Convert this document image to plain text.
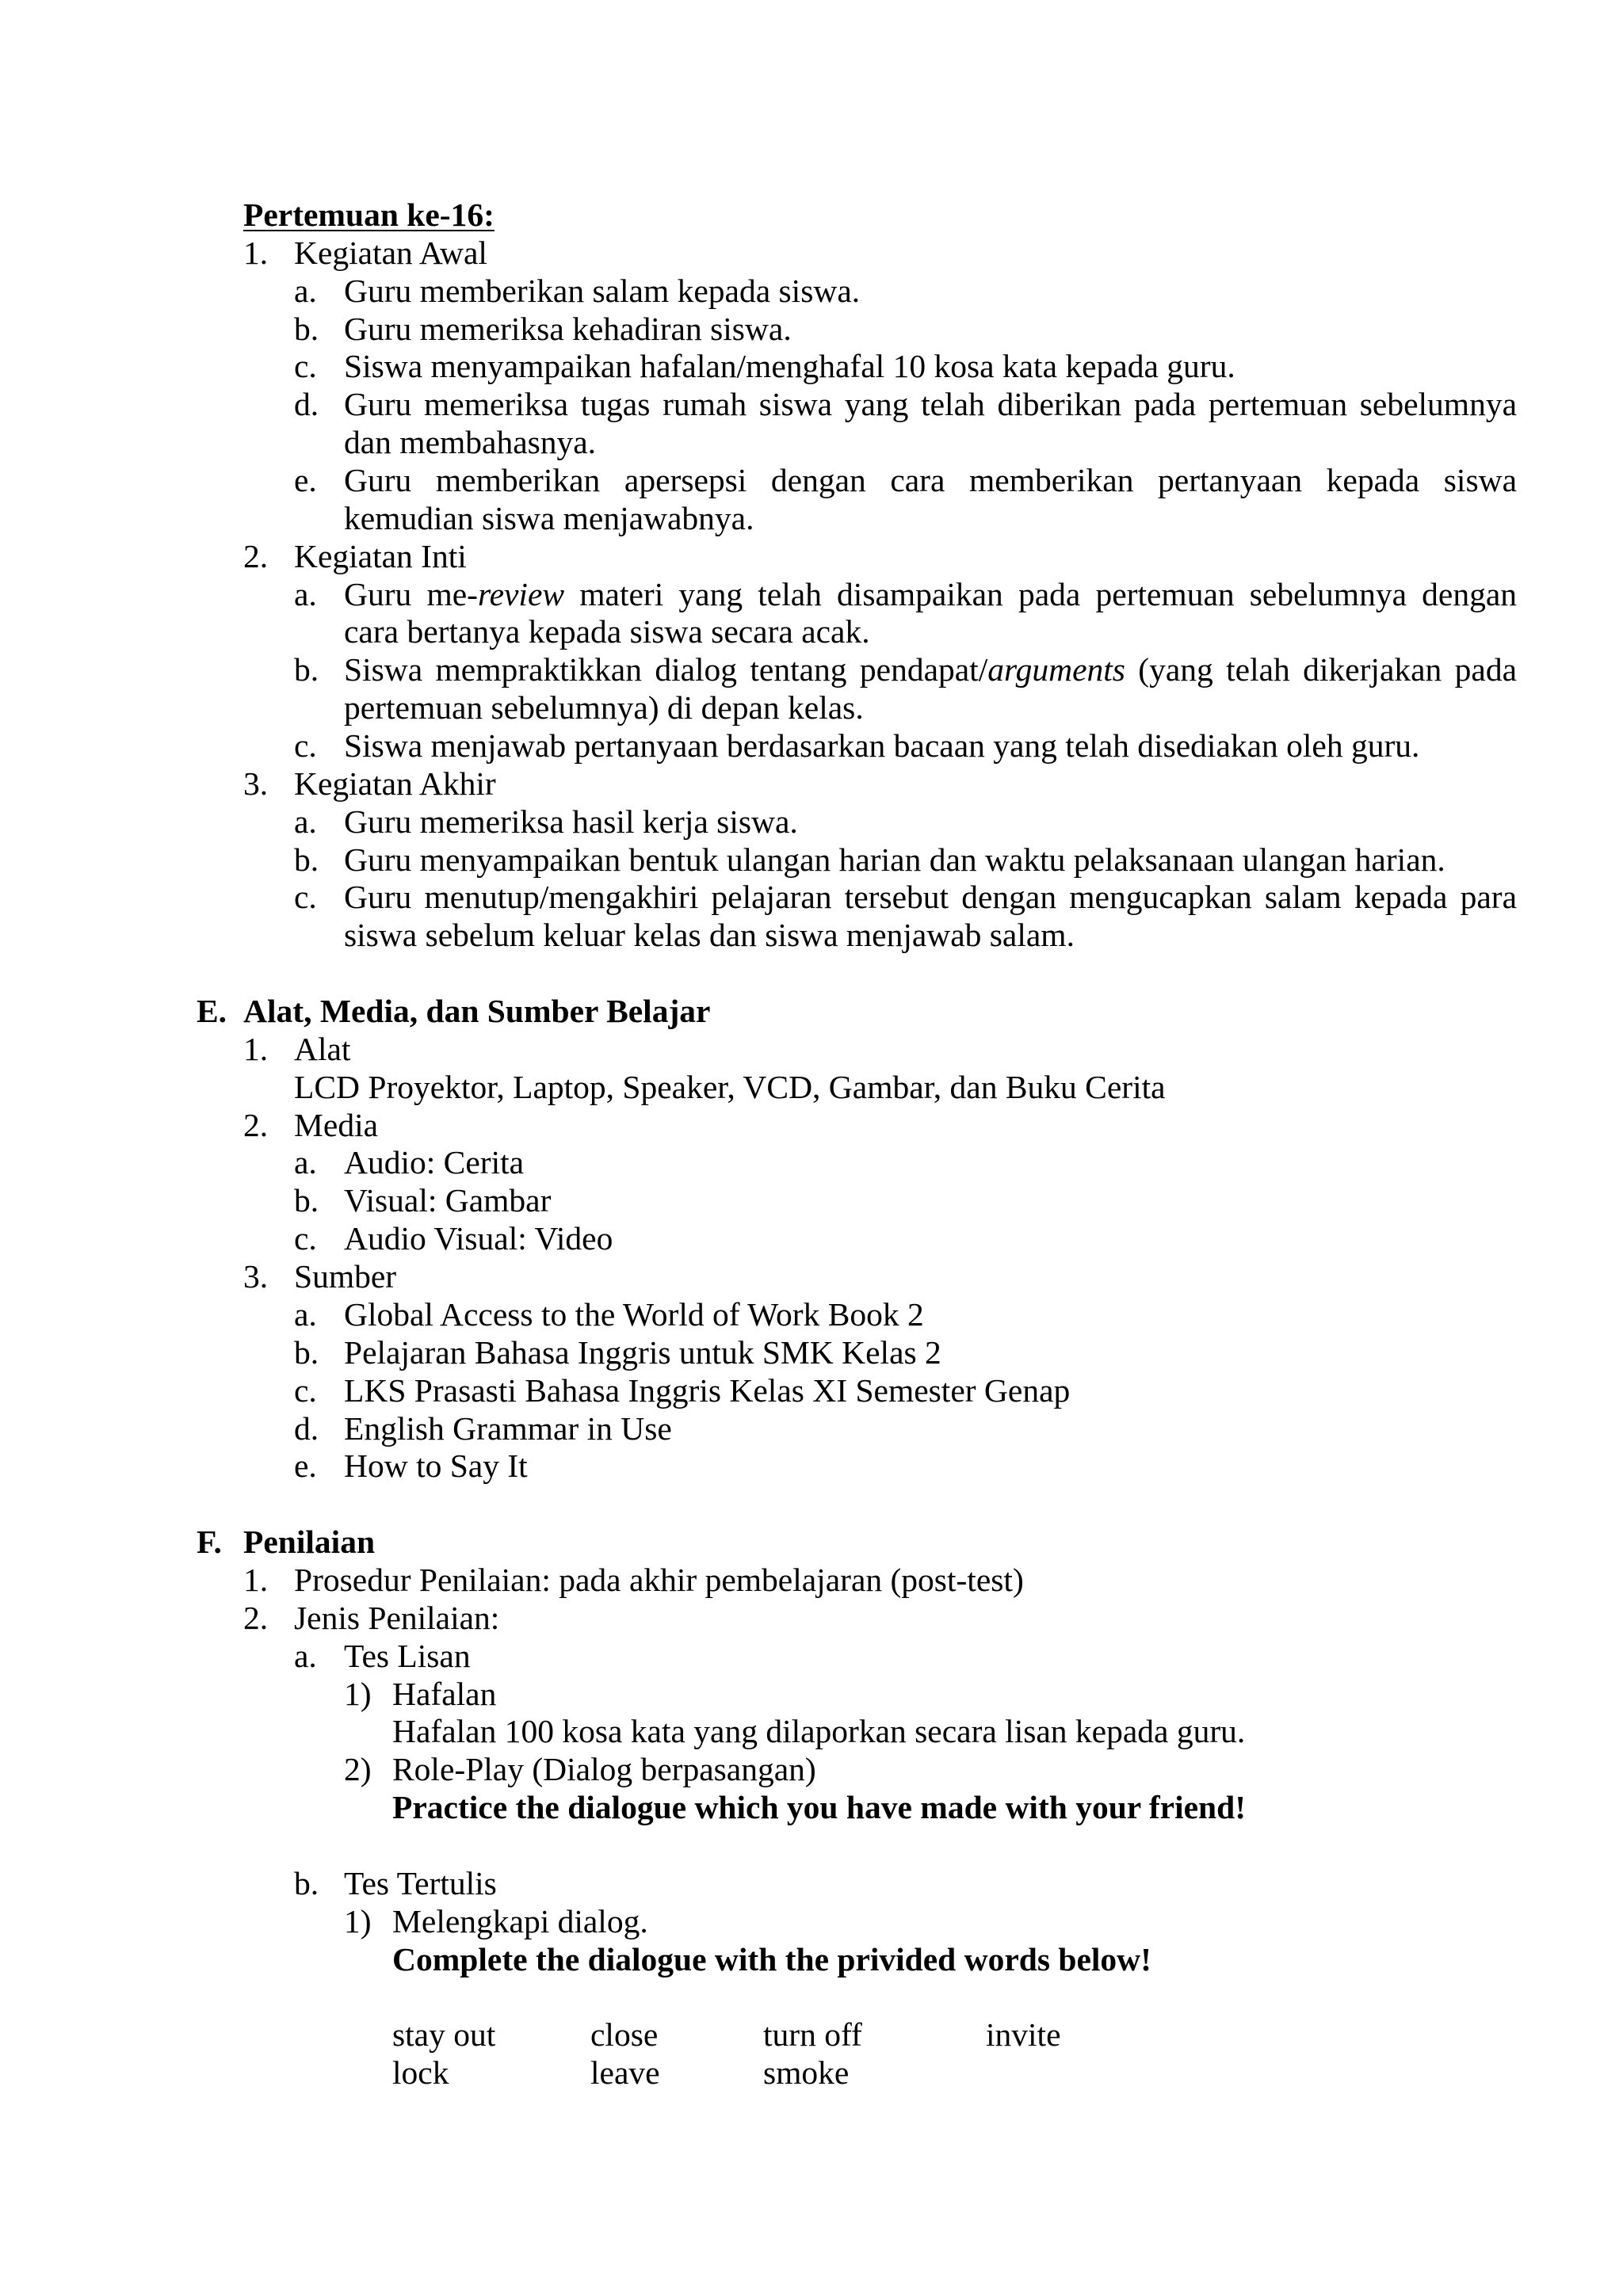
Pertemuan ke-16:
1. Kegiatan Awal
a. Guru memberikan salam kepada siswa.
b. Guru memeriksa kehadiran siswa.
c. Siswa menyampaikan hafalan/menghafal 10 kosa kata kepada guru.
d. Guru memeriksa tugas rumah siswa yang telah diberikan pada pertemuan sebelumnya
dan membahasnya.
e. Guru memberikan apersepsi dengan cara memberikan pertanyaan kepada siswa
kemudian siswa menjawabnya.
2. Kegiatan Inti
a. Guru me-review materi yang telah disampaikan pada pertemuan sebelumnya dengan
cara bertanya kepada siswa secara acak.
b. Siswa mempraktikkan dialog tentang pendapat/arguments (yang telah dikerjakan pada
pertemuan sebelumnya) di depan kelas.
c. Siswa menjawab pertanyaan berdasarkan bacaan yang telah disediakan oleh guru.
3. Kegiatan Akhir
a. Guru memeriksa hasil kerja siswa.
b. Guru menyampaikan bentuk ulangan harian dan waktu pelaksanaan ulangan harian.
c. Guru menutup/mengakhiri pelajaran tersebut dengan mengucapkan salam kepada para
siswa sebelum keluar kelas dan siswa menjawab salam.
E. Alat, Media, dan Sumber Belajar
1. Alat
LCD Proyektor, Laptop, Speaker, VCD, Gambar, dan Buku Cerita
2. Media
a. Audio: Cerita
b. Visual: Gambar
c. Audio Visual: Video
3. Sumber
a. Global Access to the World of Work Book 2
b. Pelajaran Bahasa Inggris untuk SMK Kelas 2
c. LKS Prasasti Bahasa Inggris Kelas XI Semester Genap
d. English Grammar in Use
e. How to Say It
F. Penilaian
1. Prosedur Penilaian: pada akhir pembelajaran (post-test)
2. Jenis Penilaian:
a. Tes Lisan
1) Hafalan
Hafalan 100 kosa kata yang dilaporkan secara lisan kepada guru.
2) Role-Play (Dialog berpasangan)
Practice the dialogue which you have made with your friend!
b. Tes Tertulis
1) Melengkapi dialog.
Complete the dialogue with the privided words below!
stay out	close	turn off	invite
lock	leave	smoke
